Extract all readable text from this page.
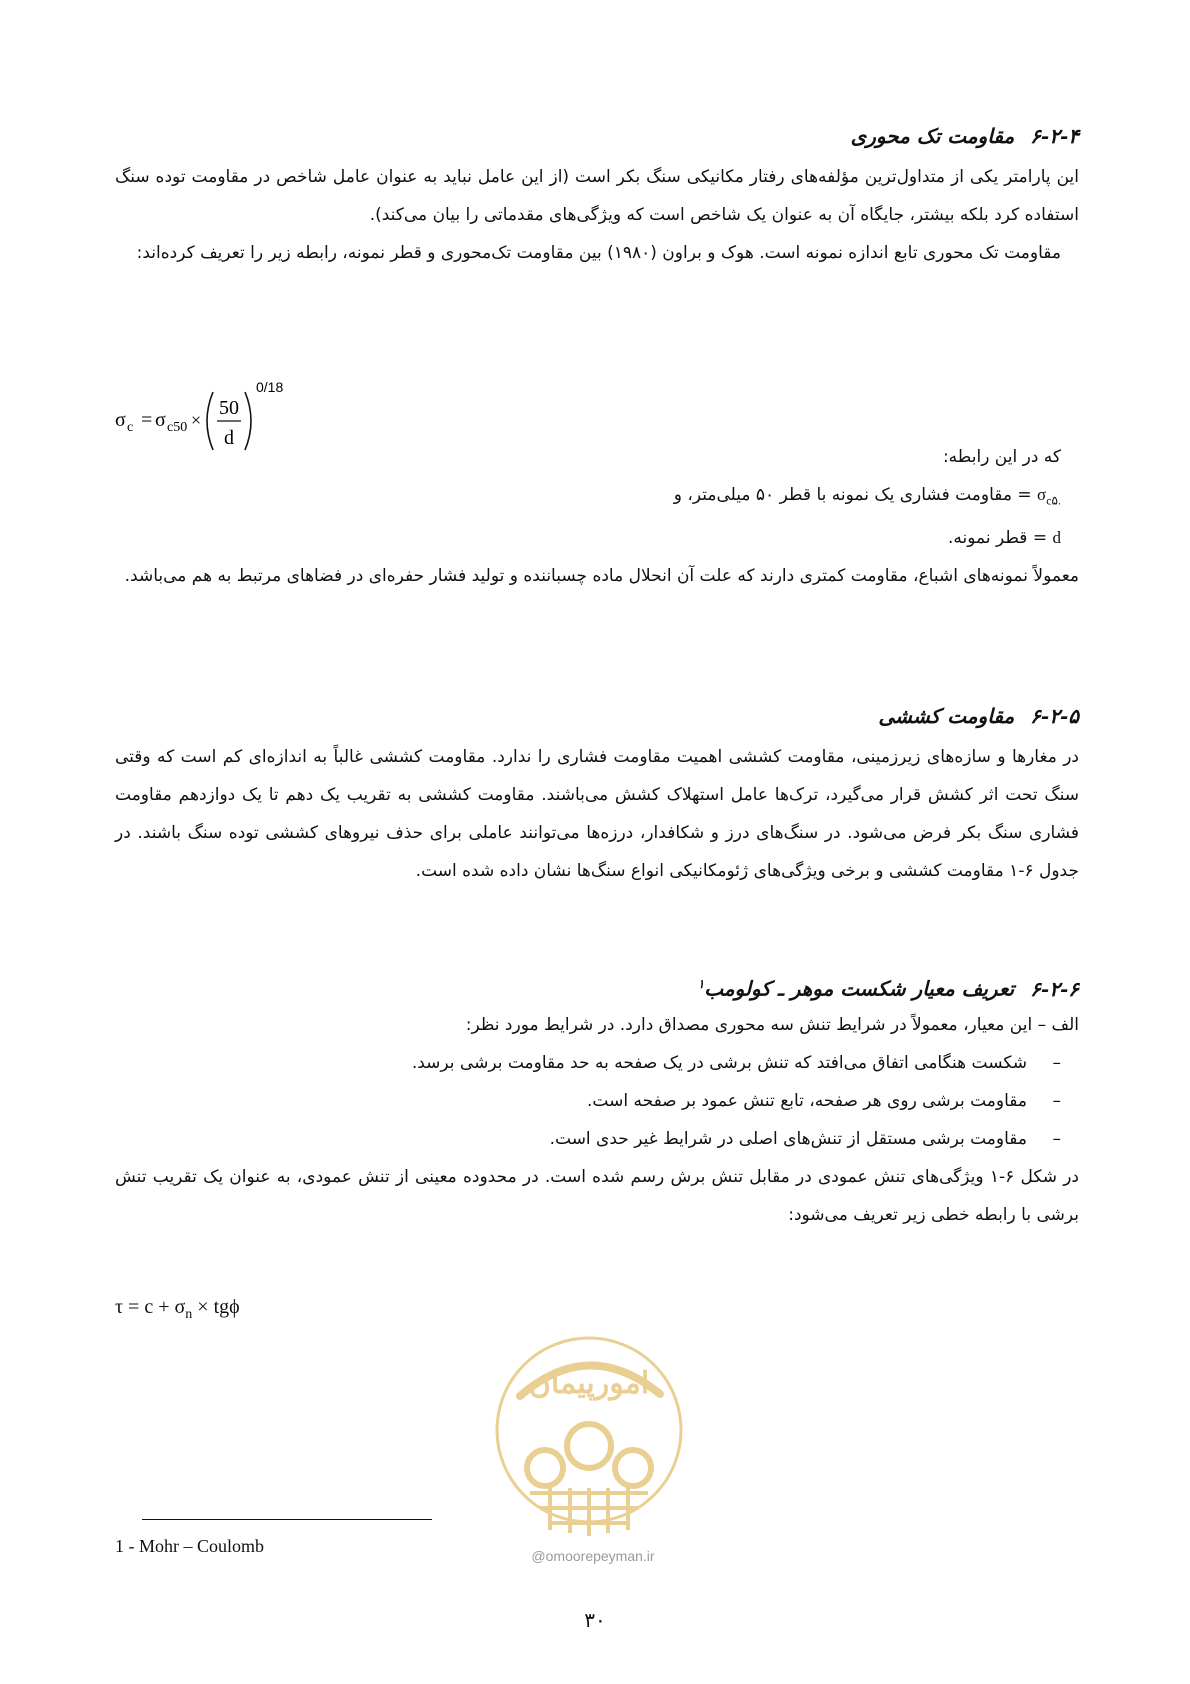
۶-۲-۴مقاومت تک محوری

این پارامتر یکی از متداول‌ترین مؤلفه‌های رفتار مکانیکی سنگ بکر است (از این عامل نباید به عنوان عامل شاخص در مقاومت توده سنگ استفاده کرد بلکه بیشتر، جایگاه آن به عنوان یک شاخص است که ویژگی‌های مقدماتی را بیان می‌کند).

مقاومت تک محوری تابع اندازه نمونه است. هوک و براون (۱۹۸۰) بین مقاومت تک‌محوری و قطر نمونه، رابطه زیر را تعریف کرده‌اند:

σ c = σ c50 ×
50
d
0/18
که در این رابطه:
$\sigma_{c۵.}$ = مقاومت فشاری یک نمونه با قطر ۵۰ میلی‌متر، و
d = قطر نمونه.

معمولاً نمونه‌های اشباع، مقاومت کمتری دارند که علت آن انحلال ماده چسباننده و تولید فشار حفره‌ای در فضاهای مرتبط به هم می‌باشد.

۶-۲-۵مقاومت کششی

در مغارها و سازه‌های زیرزمینی، مقاومت کششی اهمیت مقاومت فشاری را ندارد. مقاومت کششی غالباً به اندازه‌ای کم است که وقتی سنگ تحت اثر کشش قرار می‌گیرد، ترک‌ها عامل استهلاک کشش می‌باشند. مقاومت کششی به تقریب یک دهم تا یک دوازدهم مقاومت فشاری سنگ بکر فرض می‌شود. در سنگ‌های درز و شکافدار، درزه‌ها می‌توانند عاملی برای حذف نیروهای کششی توده سنگ باشند. در جدول ۶-۱ مقاومت کششی و برخی ویژگی‌های ژئومکانیکی انواع سنگ‌ها نشان داده شده است.

۶-۲-۶تعریف معیار شکست موهر ـ کولومب$^۱$
الف – این معیار، معمولاً در شرایط تنش سه محوری مصداق دارد. در شرایط مورد نظر:
–شکست هنگامی اتفاق می‌افتد که تنش برشی در یک صفحه به حد مقاومت برشی برسد.
–مقاومت برشی روی هر صفحه، تابع تنش عمود بر صفحه است.
–مقاومت برشی مستقل از تنش‌های اصلی در شرایط غیر حدی است.

در شکل ۶-۱ ویژگی‌های تنش عمودی در مقابل تنش برش رسم شده است. در محدوده معینی از تنش عمودی، به عنوان یک تقریب تنش برشی با رابطه خطی زیر تعریف می‌شود:

$\tau = c + \sigma_n \times tg\phi$
امورپیمان
@omoorepeyman.ir
1 - Mohr – Coulomb
۳۰
